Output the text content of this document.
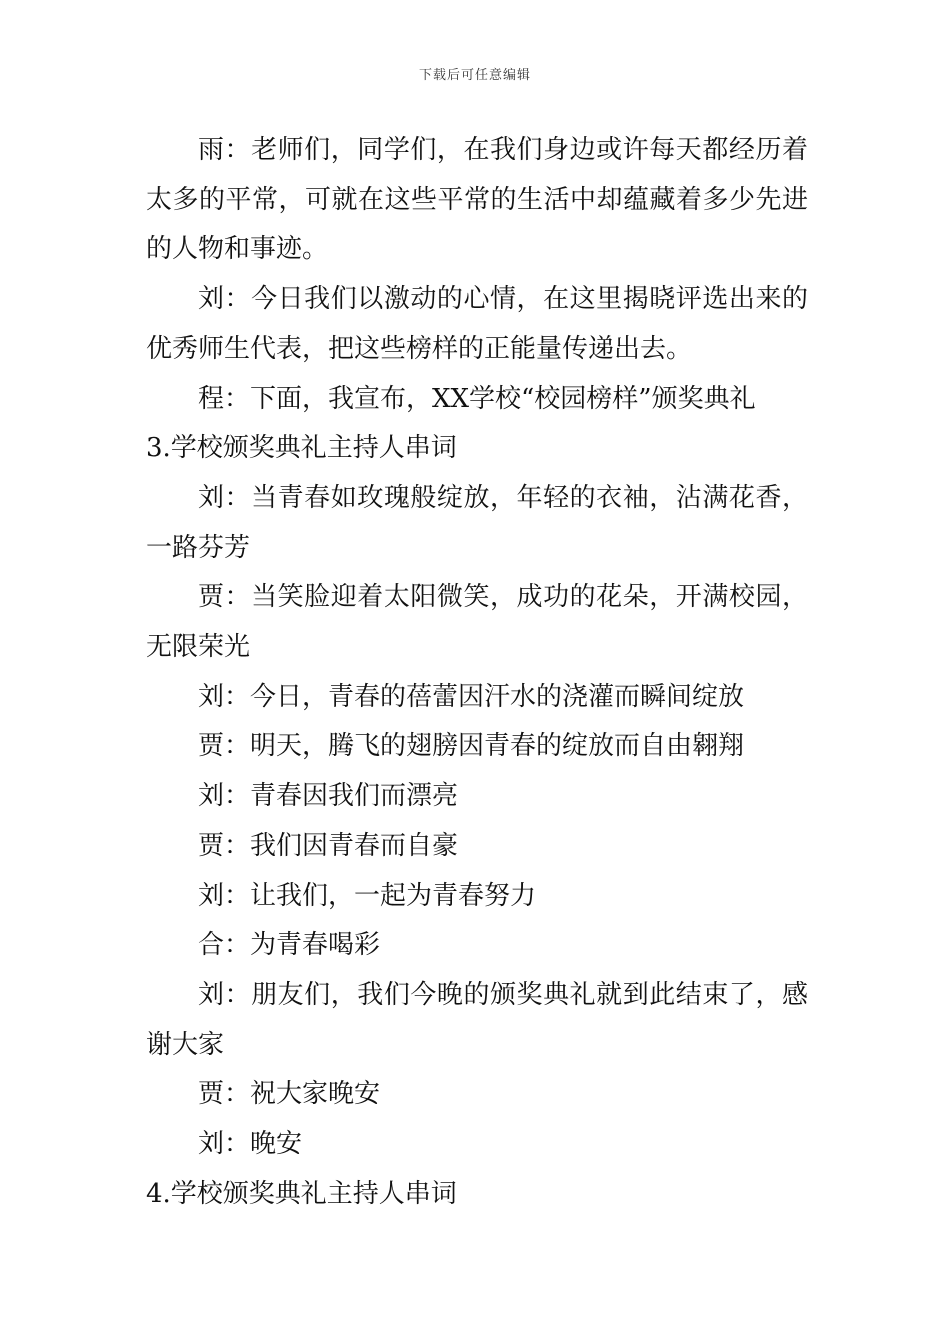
下载后可任意编辑

雨：老师们，同学们，在我们身边或许每天都经历着太多的平常，可就在这些平常的生活中却蕴藏着多少先进的人物和事迹。

刘：今日我们以激动的心情，在这里揭晓评选出来的优秀师生代表，把这些榜样的正能量传递出去。

程：下面，我宣布，XX学校“校园榜样”颁奖典礼

3.学校颁奖典礼主持人串词

刘：当青春如玫瑰般绽放，年轻的衣袖，沾满花香，一路芬芳

贾：当笑脸迎着太阳微笑，成功的花朵，开满校园，无限荣光

刘：今日，青春的蓓蕾因汗水的浇灌而瞬间绽放

贾：明天，腾飞的翅膀因青春的绽放而自由翱翔

刘：青春因我们而漂亮

贾：我们因青春而自豪

刘：让我们，一起为青春努力

合：为青春喝彩

刘：朋友们，我们今晚的颁奖典礼就到此结束了，感谢大家

贾：祝大家晚安

刘：晚安

4.学校颁奖典礼主持人串词
